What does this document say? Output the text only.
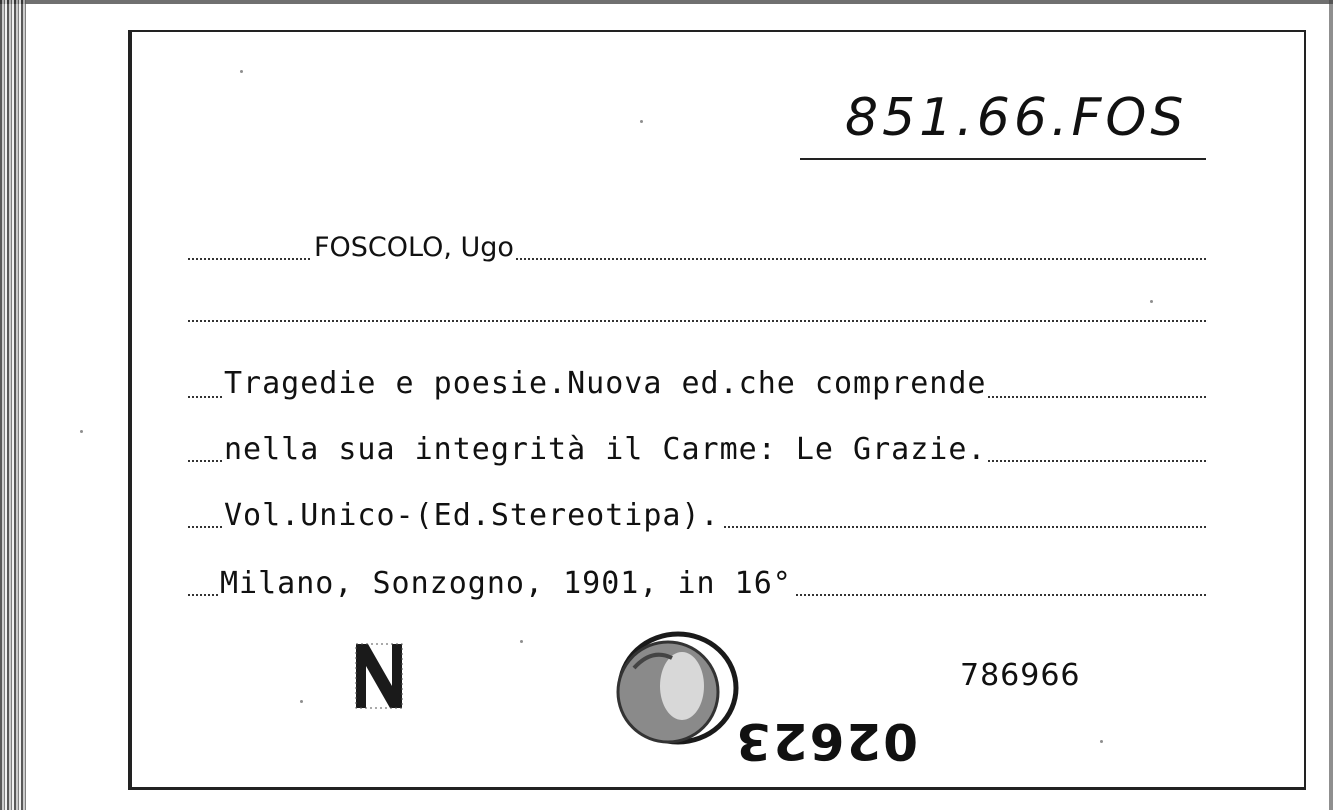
851.66.FOS
FOSCOLO, Ugo
Tragedie e poesie.Nuova ed.che comprende
nella sua integrità il Carme: Le Grazie.
Vol.Unico-(Ed.Stereotipa).
Milano, Sonzogno, 1901, in 16°
786966
02623
